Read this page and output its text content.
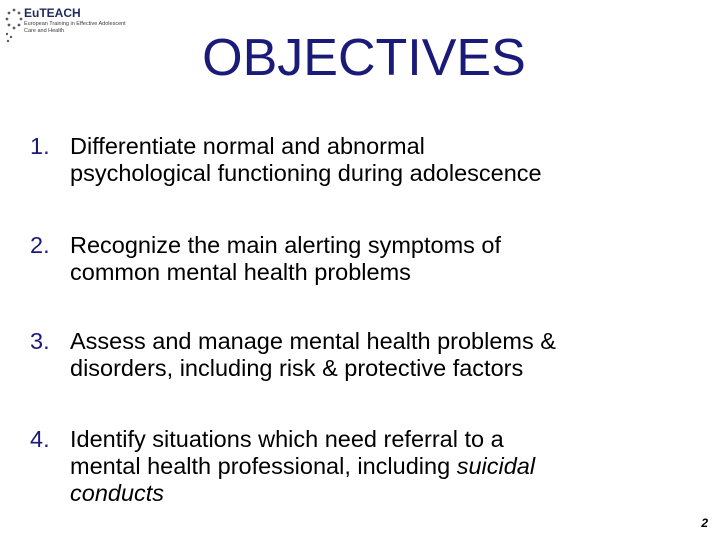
EuTEACH
European Training in Effective Adolescent
Care and Health	OBJECTIVES
1. Differentiate normal and abnormal
psychological functioning during adolescence
2. Recognize the main alerting symptoms of
common mental health problems
3. Assess and manage mental health problems &
disorders, including risk & protective factors
4. Identify situations which need referral to a
mental health professional, including suicidal
conducts
2
